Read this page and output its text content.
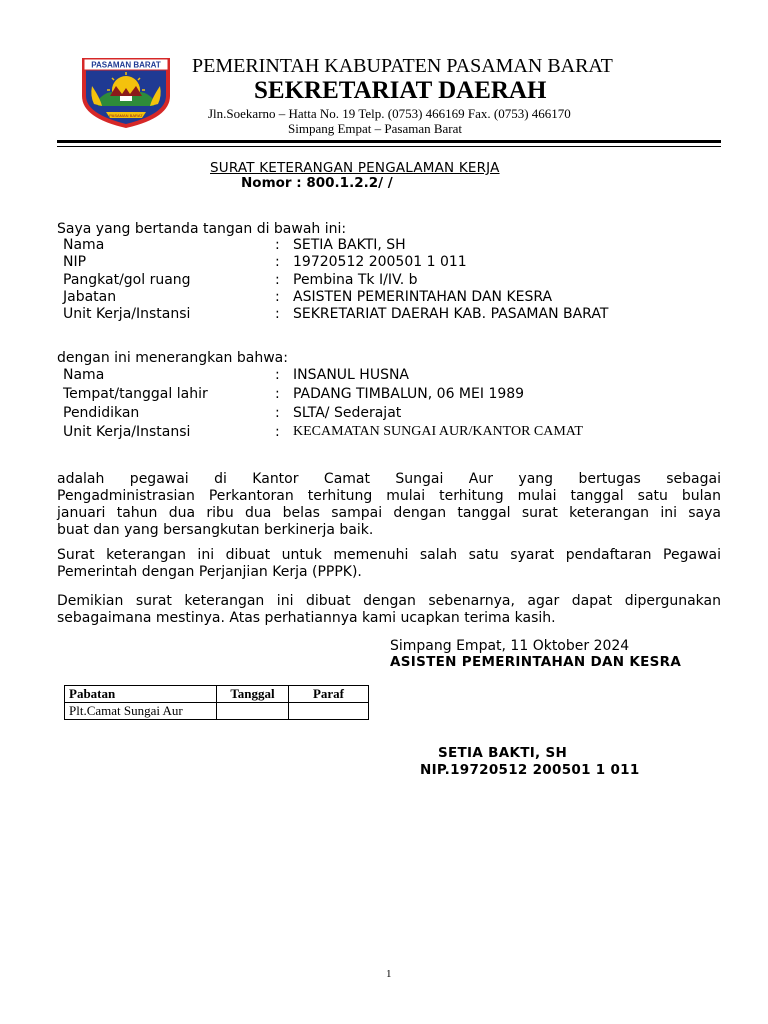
PASAMAN BARAT
PASAMAN BARAT
PEMERINTAH KABUPATEN PASAMAN BARAT
SEKRETARIAT DAERAH
Jln.Soekarno – Hatta No. 19 Telp. (0753) 466169 Fax. (0753) 466170
Simpang Empat – Pasaman Barat
SURAT KETERANGAN PENGALAMAN KERJA
Nomor : 800.1.2.2/ /
Saya yang bertanda tangan di bawah ini:
Nama	: SETIA BAKTI, SH
NIP	: 19720512 200501 1 011
Pangkat/gol ruang	: Pembina Tk I/IV. b
Jabatan	: ASISTEN PEMERINTAHAN DAN KESRA
Unit Kerja/Instansi	: SEKRETARIAT DAERAH KAB. PASAMAN BARAT
dengan ini menerangkan bahwa:
Nama	: INSANUL HUSNA
Tempat/tanggal lahir	: PADANG TIMBALUN, 06 MEI 1989
Pendidikan	: SLTA/ Sederajat
Unit Kerja/Instansi	: KECAMATAN SUNGAI AUR/KANTOR CAMAT
adalah pegawai di Kantor Camat Sungai Aur yang bertugas sebagai
Pengadministrasian Perkantoran terhitung mulai terhitung mulai tanggal satu bulan
januari tahun dua ribu dua belas sampai dengan tanggal surat keterangan ini saya
buat dan yang bersangkutan berkinerja baik.
Surat keterangan ini dibuat untuk memenuhi salah satu syarat pendaftaran Pegawai
Pemerintah dengan Perjanjian Kerja (PPPK).
Demikian surat keterangan ini dibuat dengan sebenarnya, agar dapat dipergunakan
sebagaimana mestinya. Atas perhatiannya kami ucapkan terima kasih.
Simpang Empat, 11 Oktober 2024
ASISTEN PEMERINTAHAN DAN KESRA
Pabatan	Tanggal	Paraf
Plt.Camat Sungai Aur		
SETIA BAKTI, SH
NIP.19720512 200501 1 011
1
